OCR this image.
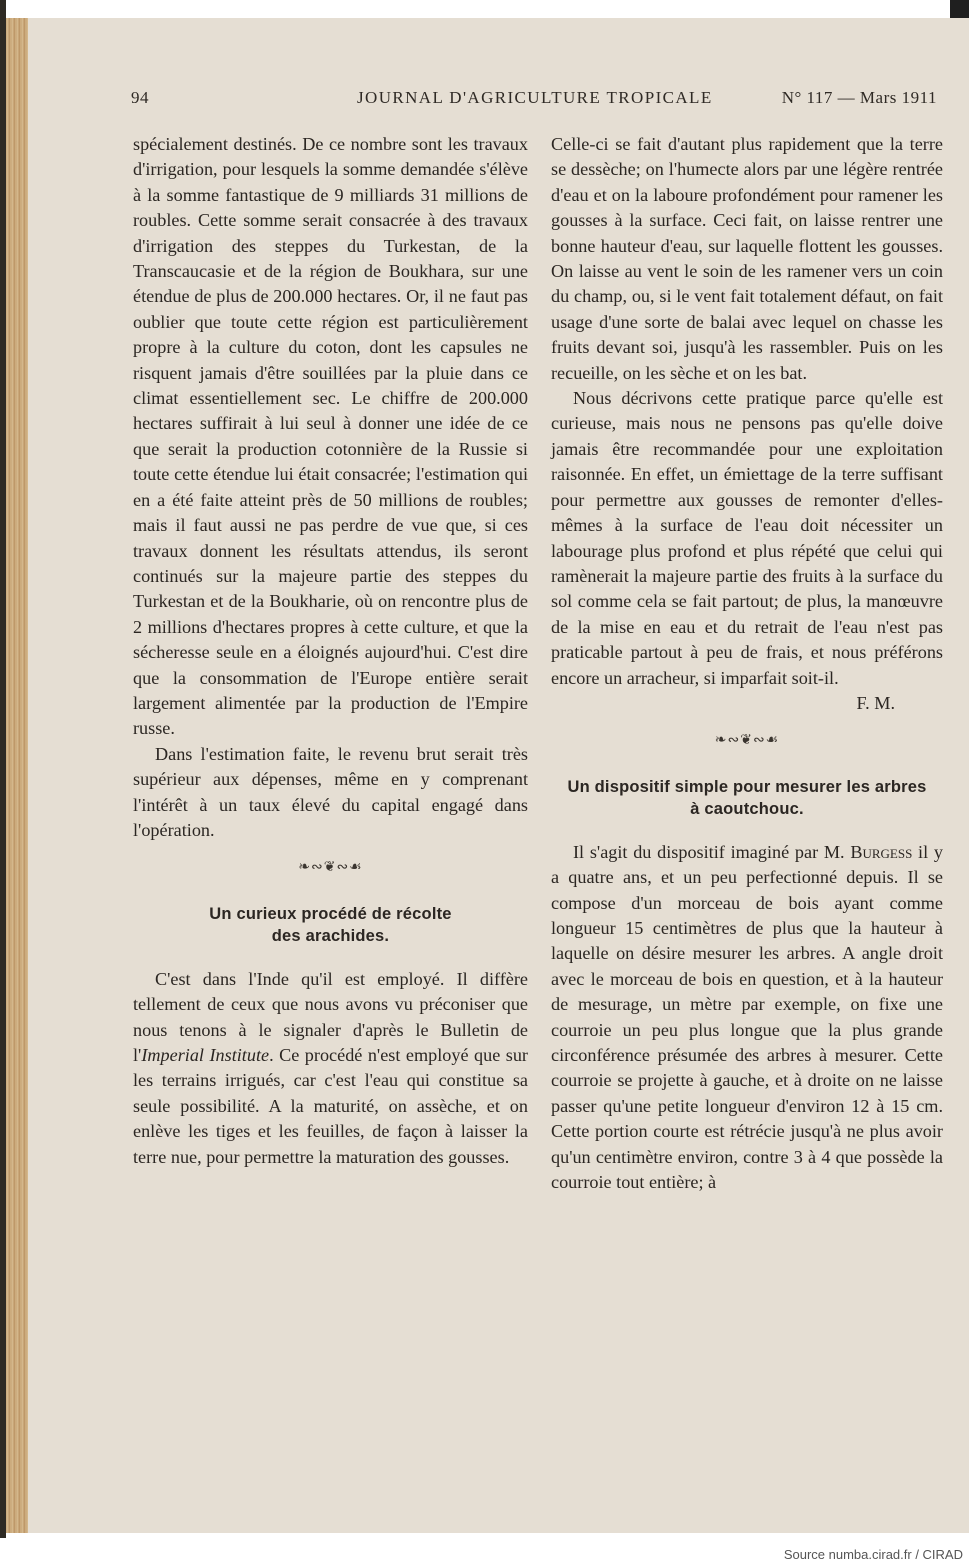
94	JOURNAL D'AGRICULTURE TROPICALE	N° 117 — Mars 1911

spécialement destinés. De ce nombre sont les travaux d'irrigation, pour lesquels la somme demandée s'élève à la somme fantastique de 9 milliards 31 millions de roubles. Cette somme serait consacrée à des travaux d'irrigation des steppes du Turkestan, de la Transcaucasie et de la région de Boukhara, sur une étendue de plus de 200.000 hectares. Or, il ne faut pas oublier que toute cette région est particulièrement propre à la culture du coton, dont les capsules ne risquent jamais d'être souillées par la pluie dans ce climat essentiellement sec. Le chiffre de 200.000 hectares suffirait à lui seul à donner une idée de ce que serait la production cotonnière de la Russie si toute cette étendue lui était consacrée; l'estimation qui en a été faite atteint près de 50 millions de roubles; mais il faut aussi ne pas perdre de vue que, si ces travaux donnent les résultats attendus, ils seront continués sur la majeure partie des steppes du Turkestan et de la Boukharie, où on rencontre plus de 2 millions d'hectares propres à cette culture, et que la sécheresse seule en a éloignés aujourd'hui. C'est dire que la consommation de l'Europe entière serait largement alimentée par la production de l'Empire russe.

Dans l'estimation faite, le revenu brut serait très supérieur aux dépenses, même en y comprenant l'intérêt à un taux élevé du capital engagé dans l'opération.

❧∾❦∾☙
Un curieux procédé de récolte
des arachides.

C'est dans l'Inde qu'il est employé. Il diffère tellement de ceux que nous avons vu préconiser que nous tenons à le signaler d'après le Bulletin de l'Imperial Institute. Ce procédé n'est employé que sur les terrains irrigués, car c'est l'eau qui constitue sa seule possibilité. A la maturité, on assèche, et on enlève les tiges et les feuilles, de façon à laisser la terre nue, pour permettre la maturation des gousses.

Celle-ci se fait d'autant plus rapidement que la terre se dessèche; on l'humecte alors par une légère rentrée d'eau et on la laboure profondément pour ramener les gousses à la surface. Ceci fait, on laisse rentrer une bonne hauteur d'eau, sur laquelle flottent les gousses. On laisse au vent le soin de les ramener vers un coin du champ, ou, si le vent fait totalement défaut, on fait usage d'une sorte de balai avec lequel on chasse les fruits devant soi, jusqu'à les rassembler. Puis on les recueille, on les sèche et on les bat.

Nous décrivons cette pratique parce qu'elle est curieuse, mais nous ne pensons pas qu'elle doive jamais être recommandée pour une exploitation raisonnée. En effet, un émiettage de la terre suffisant pour permettre aux gousses de remonter d'elles-mêmes à la surface de l'eau doit nécessiter un labourage plus profond et plus répété que celui qui ramènerait la majeure partie des fruits à la surface du sol comme cela se fait partout; de plus, la manœuvre de la mise en eau et du retrait de l'eau n'est pas praticable partout à peu de frais, et nous préférons encore un arracheur, si imparfait soit-il.

F. M.
❧∾❦∾☙
Un dispositif simple pour mesurer les arbres
à caoutchouc.

Il s'agit du dispositif imaginé par M. Burgess il y a quatre ans, et un peu perfectionné depuis. Il se compose d'un morceau de bois ayant comme longueur 15 centimètres de plus que la hauteur à laquelle on désire mesurer les arbres. A angle droit avec le morceau de bois en question, et à la hauteur de mesurage, un mètre par exemple, on fixe une courroie un peu plus longue que la plus grande circonférence présumée des arbres à mesurer. Cette courroie se projette à gauche, et à droite on ne laisse passer qu'une petite longueur d'environ 12 à 15 cm. Cette portion courte est rétrécie jusqu'à ne plus avoir qu'un centimètre environ, contre 3 à 4 que possède la courroie tout entière; à

Source numba.cirad.fr / CIRAD
